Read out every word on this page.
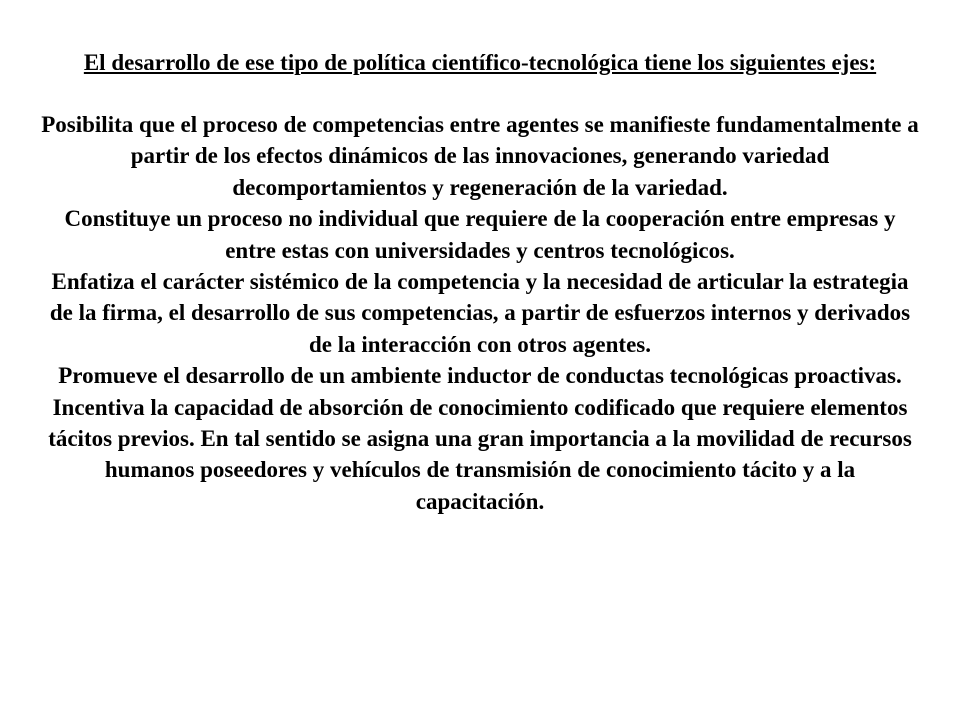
El desarrollo de ese tipo de política científico-tecnológica tiene los siguientes ejes:

Posibilita que el proceso de competencias entre agentes se manifieste fundamentalmente a partir de los efectos dinámicos de las innovaciones, generando variedad decomportamientos y regeneración de la variedad.

Constituye un proceso no individual que requiere de la cooperación entre empresas y entre estas con universidades y centros tecnológicos.

Enfatiza el carácter sistémico de la competencia y la necesidad de articular la estrategia de la firma, el desarrollo de sus competencias, a partir de esfuerzos internos y derivados de la interacción con otros agentes.

Promueve el desarrollo de un ambiente inductor de conductas tecnológicas proactivas.

Incentiva la capacidad de absorción de conocimiento codificado que requiere elementos tácitos previos. En tal sentido se asigna una gran importancia a la movilidad de recursos humanos poseedores y vehículos de transmisión de conocimiento tácito y a la capacitación.
